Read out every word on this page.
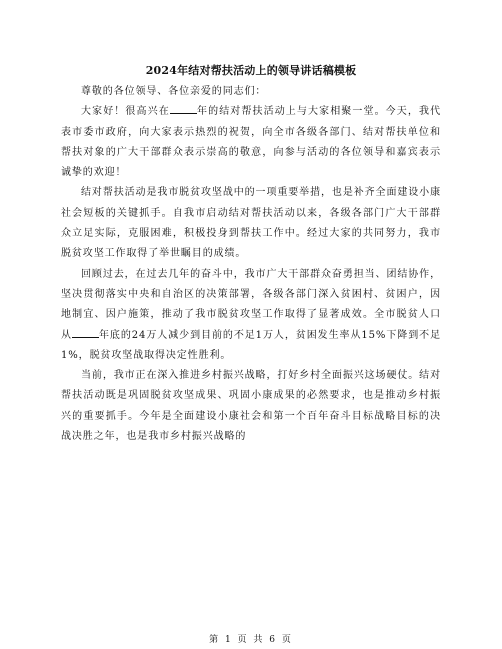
2024年结对帮扶活动上的领导讲话稿模板

尊敬的各位领导、各位亲爱的同志们：

大家好！很高兴在	年的结对帮扶活动上与大家相聚一堂。今天，我代表市委市政府，向大家表示热烈的祝贺，向全市各级各部门、结对帮扶单位和帮扶对象的广大干部群众表示崇高的敬意，向参与活动的各位领导和嘉宾表示诚挚的欢迎！

结对帮扶活动是我市脱贫攻坚战中的一项重要举措，也是补齐全面建设小康社会短板的关键抓手。自我市启动结对帮扶活动以来，各级各部门广大干部群众立足实际，克服困难，积极投身到帮扶工作中。经过大家的共同努力，我市脱贫攻坚工作取得了举世瞩目的成绩。

回顾过去，在过去几年的奋斗中，我市广大干部群众奋勇担当、团结协作，坚决贯彻落实中央和自治区的决策部署，各级各部门深入贫困村、贫困户，因地制宜、因户施策，推动了我市脱贫攻坚工作取得了显著成效。全市脱贫人口从	年底的24万人减少到目前的不足1万人，贫困发生率从15%下降到不足1%，脱贫攻坚战取得决定性胜利。

当前，我市正在深入推进乡村振兴战略，打好乡村全面振兴这场硬仗。结对帮扶活动既是巩固脱贫攻坚成果、巩固小康成果的必然要求，也是推动乡村振兴的重要抓手。今年是全面建设小康社会和第一个百年奋斗目标战略目标的决战决胜之年，也是我市乡村振兴战略的

第 1 页 共 6 页
